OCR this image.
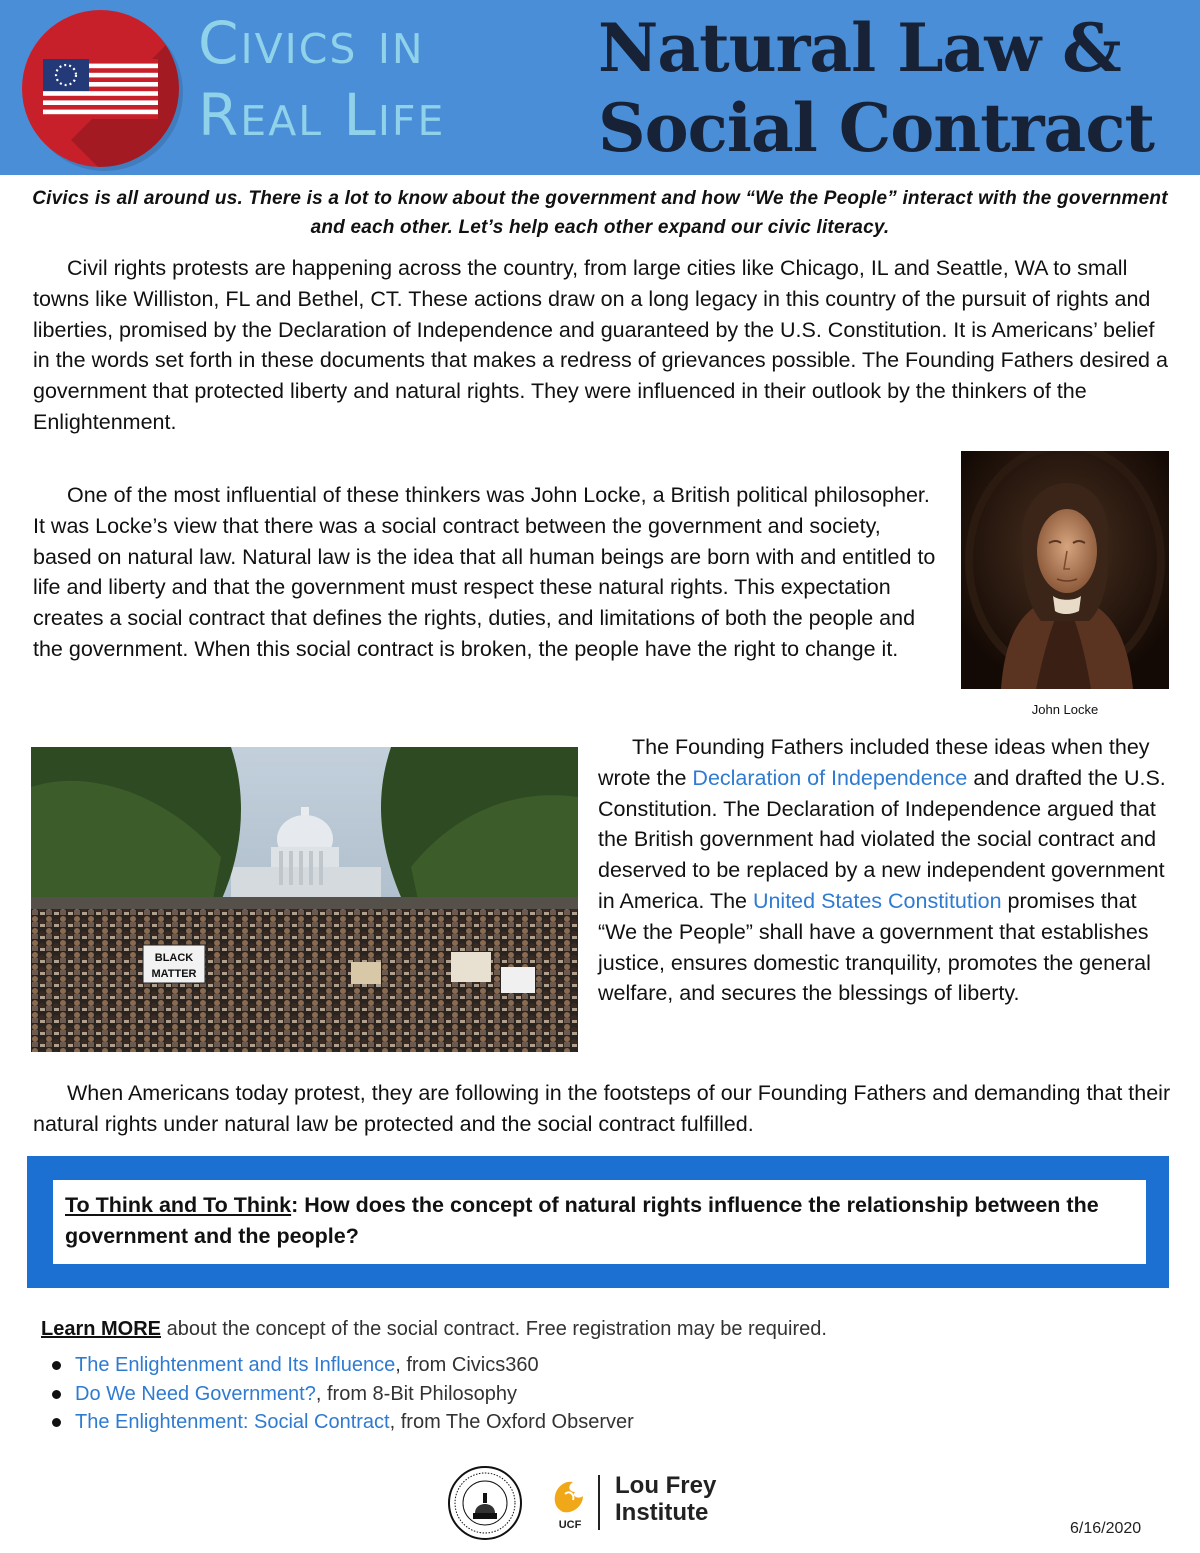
Civics in
Real Life
Natural Law &
Social Contract
Civics is all around us. There is a lot to know about the government and how “We the People” interact with the government and each other. Let’s help each other expand our civic literacy.
Civil rights protests are happening across the country, from large cities like Chicago, IL and Seattle, WA to small towns like Williston, FL and Bethel, CT. These actions draw on a long legacy in this country of the pursuit of rights and liberties, promised by the Declaration of Independence and guaranteed by the U.S. Constitution. It is Americans’ belief in the words set forth in these documents that makes a redress of grievances possible. The Founding Fathers desired a government that protected liberty and natural rights. They were influenced in their outlook by the thinkers of the Enlightenment.
One of the most influential of these thinkers was John Locke, a British political philosopher. It was Locke’s view that there was a social contract between the government and society, based on natural law. Natural law is the idea that all human beings are born with and entitled to life and liberty and that the government must respect these natural rights. This expectation creates a social contract that defines the rights, duties, and limitations of both the people and the government. When this social contract is broken, the people have the right to change it.
John Locke
BLACK
MATTER
The Founding Fathers included these ideas when they wrote the Declaration of Independence and drafted the U.S. Constitution. The Declaration of Independence argued that the British government had violated the social contract and deserved to be replaced by a new independent government in America. The United States Constitution promises that “We the People” shall have a government that establishes justice, ensures domestic tranquility, promotes the general welfare, and secures the blessings of liberty.
When Americans today protest, they are following in the footsteps of our Founding Fathers and demanding that their natural rights under natural law be protected and the social contract fulfilled.
To Think and To Think: How does the concept of natural rights influence the relationship between the government and the people?
Learn MORE about the concept of the social contract. Free registration may be required.
The Enlightenment and Its Influence, from Civics360
Do We Need Government?, from 8-Bit Philosophy
The Enlightenment: Social Contract, from The Oxford Observer
UCF
Lou Frey
Institute
6/16/2020
